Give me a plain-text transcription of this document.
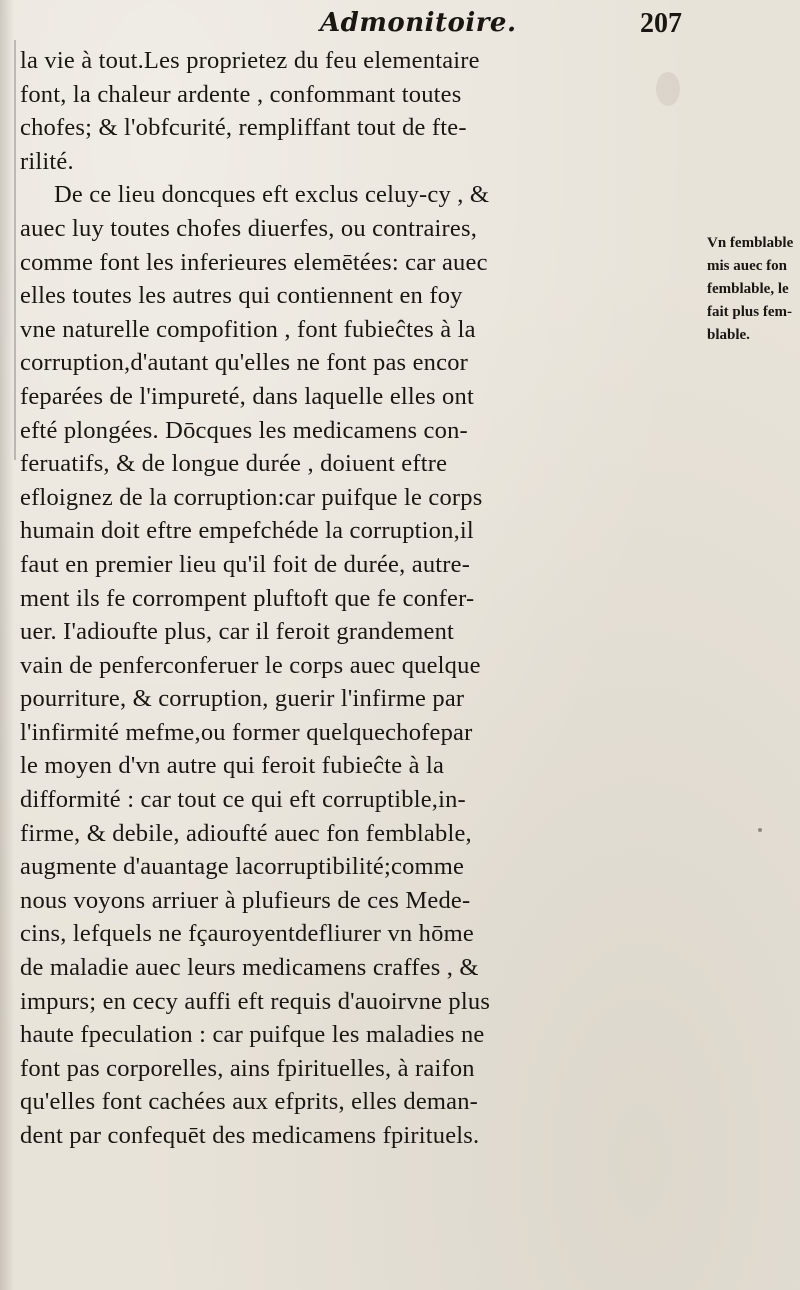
Admonitoire.	207
la vie à tout.Les proprietez du feu elementaire
font, la chaleur ardente , confommant toutes
chofes; & l'obfcurité, rempliffant tout de fte-
rilité.
De ce lieu doncques eft exclus celuy-cy , &
auec luy toutes chofes diuerfes, ou contraires,
comme font les inferieures elemētées: car auec
elles toutes les autres qui contiennent en foy
vne naturelle compofition , font fubieĉtes à la
corruption,d'autant qu'elles ne font pas encor
feparées de l'impureté, dans laquelle elles ont
efté plongées. Dōcques les medicamens con-
feruatifs, & de longue durée , doiuent eftre
efloignez de la corruption:car puifque le corps
humain doit eftre empefchéde la corruption,il
faut en premier lieu qu'il foit de durée, autre-
ment ils fe corrompent pluftoft que fe confer-
uer. I'adioufte plus, car il feroit grandement
vain de penferconferuer le corps auec quelque
pourriture, & corruption, guerir l'infirme par
l'infirmité mefme,ou former quelquechofepar
le moyen d'vn autre qui feroit fubieĉte à la
difformité : car tout ce qui eft corruptible,in-
firme, & debile, adioufté auec fon femblable,
augmente d'auantage lacorruptibilité;comme
nous voyons arriuer à plufieurs de ces Mede-
cins, lefquels ne fçauroyentdefliurer vn hōme
de maladie auec leurs medicamens craffes , &
impurs; en cecy auffi eft requis d'auoirvne plus
haute fpeculation : car puifque les maladies ne
font pas corporelles, ains fpirituelles, à raifon
qu'elles font cachées aux efprits, elles deman-
dent par confequēt des medicamens fpirituels.
Vn femblable
mis auec fon
femblable, le
fait plus fem-
blable.
